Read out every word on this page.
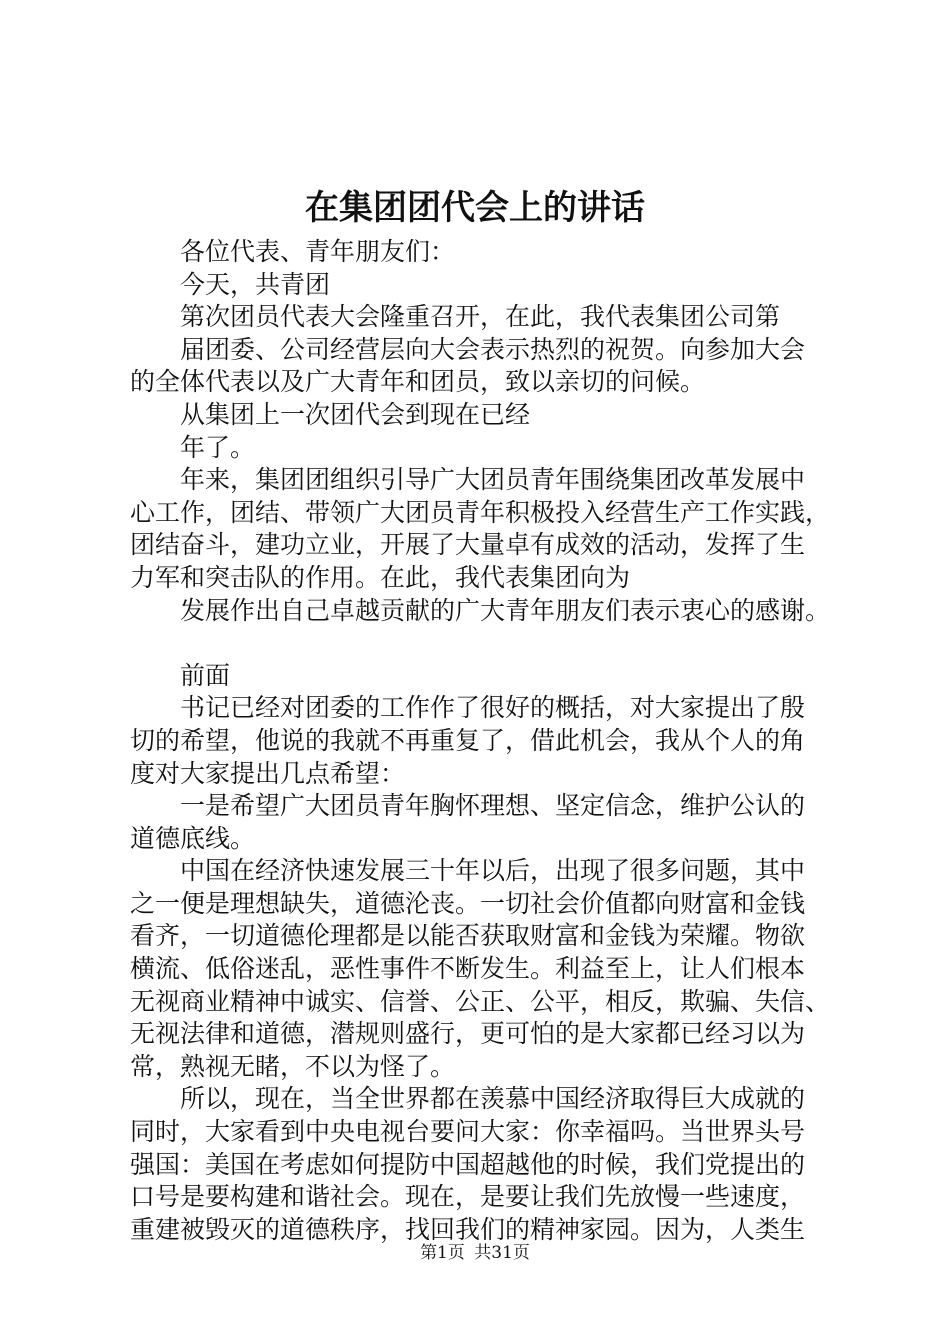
在集团团代会上的讲话
各位代表、青年朋友们：
今天，共青团
第次团员代表大会隆重召开，在此，我代表集团公司第
届团委、公司经营层向大会表示热烈的祝贺。向参加大会
的全体代表以及广大青年和团员，致以亲切的问候。
从集团上一次团代会到现在已经
年了。
年来，集团团组织引导广大团员青年围绕集团改革发展中
心工作，团结、带领广大团员青年积极投入经营生产工作实践，
团结奋斗，建功立业，开展了大量卓有成效的活动，发挥了生
力军和突击队的作用。在此，我代表集团向为
发展作出自己卓越贡献的广大青年朋友们表示衷心的感谢。
前面
书记已经对团委的工作作了很好的概括，对大家提出了殷
切的希望，他说的我就不再重复了，借此机会，我从个人的角
度对大家提出几点希望：
一是希望广大团员青年胸怀理想、坚定信念，维护公认的
道德底线。
中国在经济快速发展三十年以后，出现了很多问题，其中
之一便是理想缺失，道德沦丧。一切社会价值都向财富和金钱
看齐，一切道德伦理都是以能否获取财富和金钱为荣耀。物欲
横流、低俗迷乱，恶性事件不断发生。利益至上，让人们根本
无视商业精神中诚实、信誉、公正、公平，相反，欺骗、失信、
无视法律和道德，潜规则盛行，更可怕的是大家都已经习以为
常，熟视无睹，不以为怪了。
所以，现在，当全世界都在羡慕中国经济取得巨大成就的
同时，大家看到中央电视台要问大家：你幸福吗。当世界头号
强国：美国在考虑如何提防中国超越他的时候，我们党提出的
口号是要构建和谐社会。现在，是要让我们先放慢一些速度，
重建被毁灭的道德秩序，找回我们的精神家园。因为，人类生
第1页 共31页
